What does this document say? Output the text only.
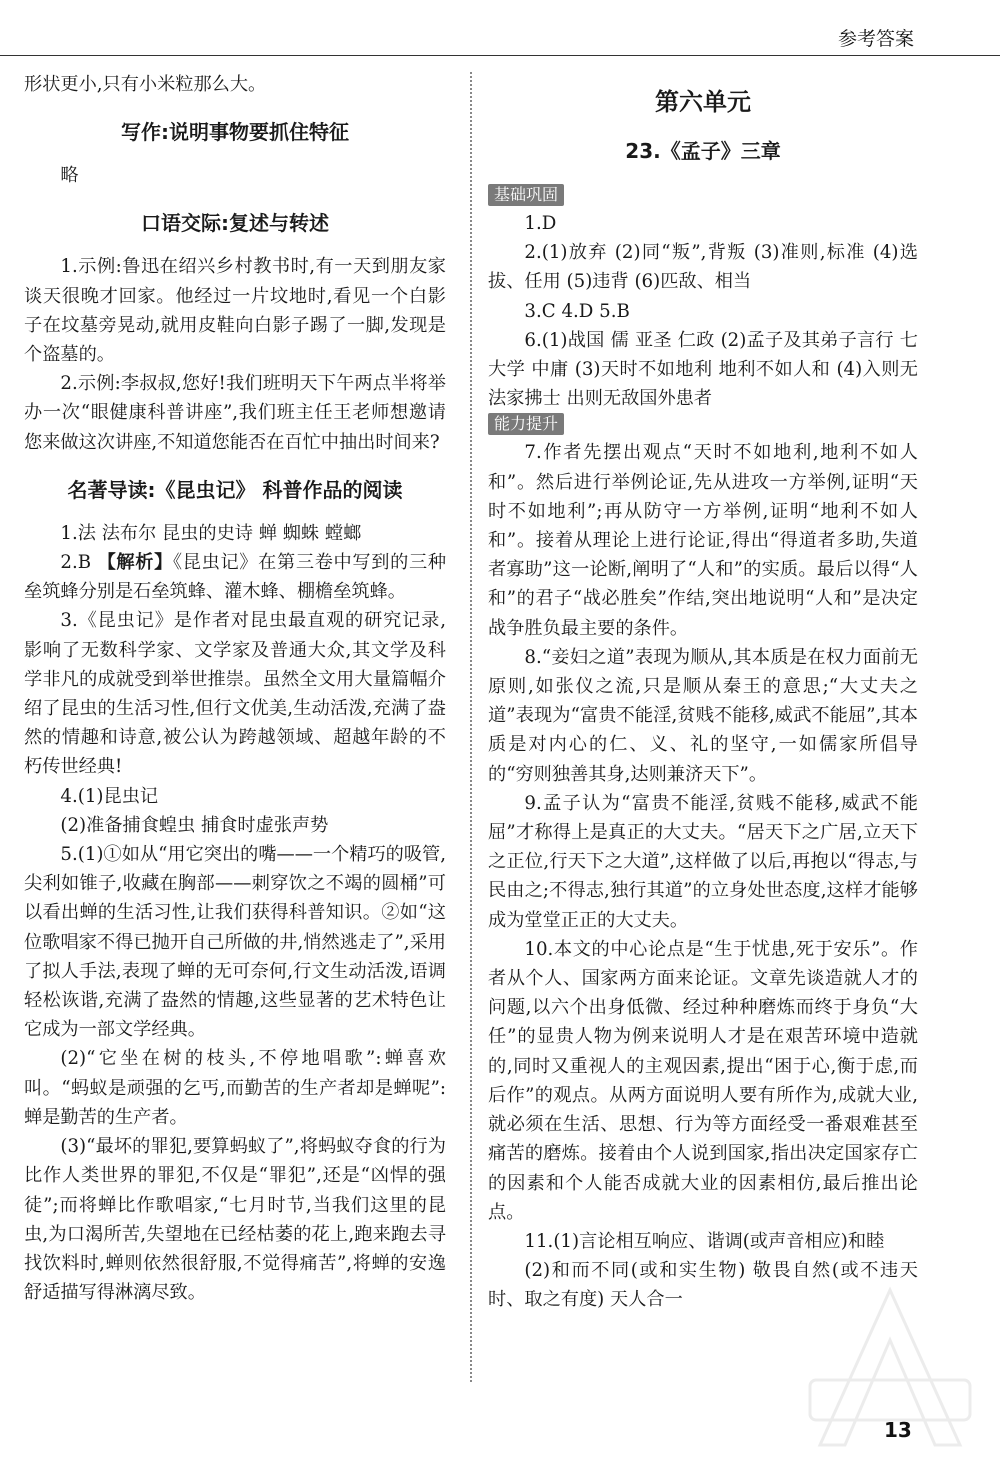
参考答案

形状更小,只有小米粒那么大。

写作:说明事物要抓住特征

略

口语交际:复述与转述

1.示例:鲁迅在绍兴乡村教书时,有一天到朋友家谈天很晚才回家。他经过一片坟地时,看见一个白影子在坟墓旁晃动,就用皮鞋向白影子踢了一脚,发现是个盗墓的。

2.示例:李叔叔,您好!我们班明天下午两点半将举办一次“眼健康科普讲座”,我们班主任王老师想邀请您来做这次讲座,不知道您能否在百忙中抽出时间来?

名著导读:《昆虫记》 科普作品的阅读

1.法 法布尔 昆虫的史诗 蝉 蜘蛛 螳螂

2.B 【解析】《昆虫记》在第三卷中写到的三种垒筑蜂分别是石垒筑蜂、灌木蜂、棚檐垒筑蜂。

3.《昆虫记》是作者对昆虫最直观的研究记录,影响了无数科学家、文学家及普通大众,其文学及科学非凡的成就受到举世推崇。虽然全文用大量篇幅介绍了昆虫的生活习性,但行文优美,生动活泼,充满了盎然的情趣和诗意,被公认为跨越领域、超越年龄的不朽传世经典!

4.(1)昆虫记

(2)准备捕食蝗虫 捕食时虚张声势

5.(1)①如从“用它突出的嘴——一个精巧的吸管,尖利如锥子,收藏在胸部——刺穿饮之不竭的圆桶”可以看出蝉的生活习性,让我们获得科普知识。②如“这位歌唱家不得已抛开自己所做的井,悄然逃走了”,采用了拟人手法,表现了蝉的无可奈何,行文生动活泼,语调轻松诙谐,充满了盎然的情趣,这些显著的艺术特色让它成为一部文学经典。

(2)“它坐在树的枝头,不停地唱歌”:蝉喜欢叫。“蚂蚁是顽强的乞丐,而勤苦的生产者却是蝉呢”:蝉是勤苦的生产者。

(3)“最坏的罪犯,要算蚂蚁了”,将蚂蚁夺食的行为比作人类世界的罪犯,不仅是“罪犯”,还是“凶悍的强徒”;而将蝉比作歌唱家,“七月时节,当我们这里的昆虫,为口渴所苦,失望地在已经枯萎的花上,跑来跑去寻找饮料时,蝉则依然很舒服,不觉得痛苦”,将蝉的安逸舒适描写得淋漓尽致。

第六单元
23.《孟子》三章
基础巩固

1.D

2.(1)放弃 (2)同“叛”,背叛 (3)准则,标准 (4)选拔、任用 (5)违背 (6)匹敌、相当

3.C 4.D 5.B

6.(1)战国 儒 亚圣 仁政 (2)孟子及其弟子言行 七 大学 中庸 (3)天时不如地利 地利不如人和 (4)入则无法家拂士 出则无敌国外患者

能力提升

7.作者先摆出观点“天时不如地利,地利不如人和”。然后进行举例论证,先从进攻一方举例,证明“天时不如地利”;再从防守一方举例,证明“地利不如人和”。接着从理论上进行论证,得出“得道者多助,失道者寡助”这一论断,阐明了“人和”的实质。最后以得“人和”的君子“战必胜矣”作结,突出地说明“人和”是决定战争胜负最主要的条件。

8.“妾妇之道”表现为顺从,其本质是在权力面前无原则,如张仪之流,只是顺从秦王的意思;“大丈夫之道”表现为“富贵不能淫,贫贱不能移,威武不能屈”,其本质是对内心的仁、义、礼的坚守,一如儒家所倡导的“穷则独善其身,达则兼济天下”。

9.孟子认为“富贵不能淫,贫贱不能移,威武不能屈”才称得上是真正的大丈夫。“居天下之广居,立天下之正位,行天下之大道”,这样做了以后,再抱以“得志,与民由之;不得志,独行其道”的立身处世态度,这样才能够成为堂堂正正的大丈夫。

10.本文的中心论点是“生于忧患,死于安乐”。作者从个人、国家两方面来论证。文章先谈造就人才的问题,以六个出身低微、经过种种磨炼而终于身负“大任”的显贵人物为例来说明人才是在艰苦环境中造就的,同时又重视人的主观因素,提出“困于心,衡于虑,而后作”的观点。从两方面说明人要有所作为,成就大业,就必须在生活、思想、行为等方面经受一番艰难甚至痛苦的磨炼。接着由个人说到国家,指出决定国家存亡的因素和个人能否成就大业的因素相仿,最后推出论点。

11.(1)言论相互响应、谐调(或声音相应)和睦

(2)和而不同(或和实生物) 敬畏自然(或不违天时、取之有度) 天人合一

13
